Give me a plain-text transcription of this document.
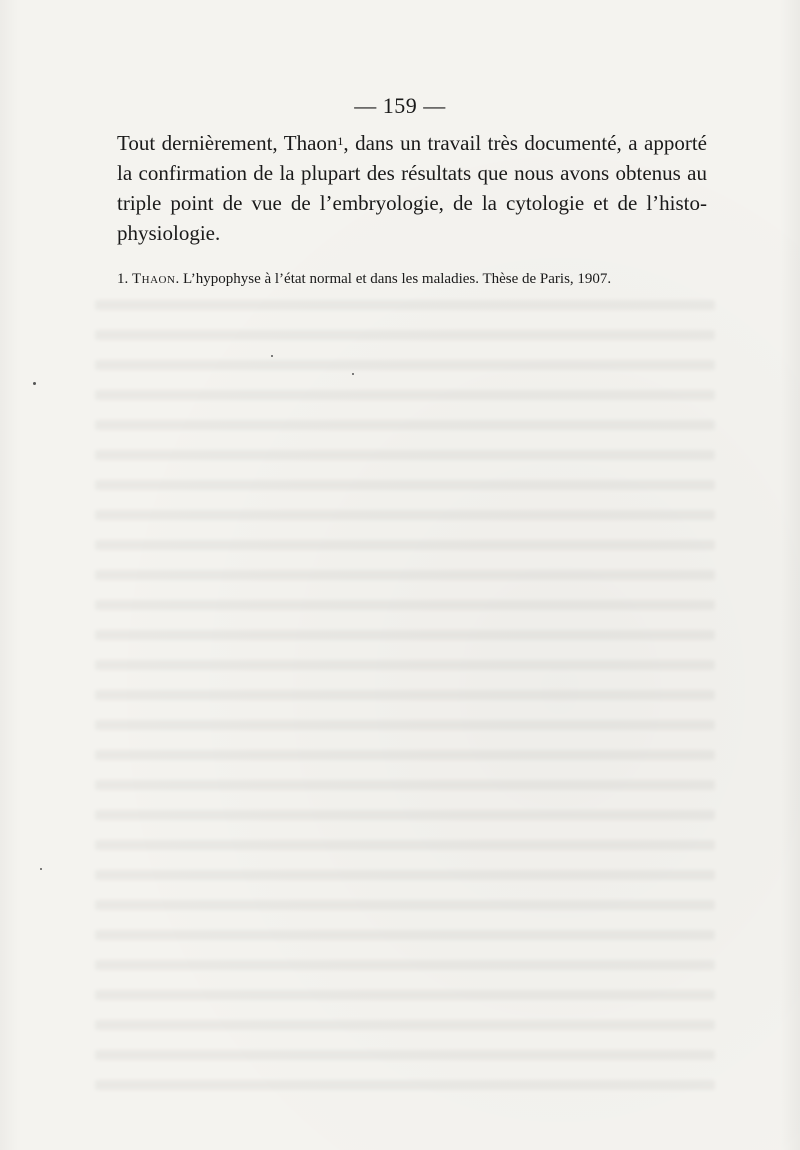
— 159 —
Tout dernièrement, Thaon$^1$, dans un travail très documenté, a apporté
la confirmation de la plupart des résultats que nous avons obtenus au
triple point de vue de l’embryologie, de la cytologie et de l’histo-
physiologie.

1. Thaon. L’hypophyse à l’état normal et dans les maladies. Thèse de Paris, 1907.
